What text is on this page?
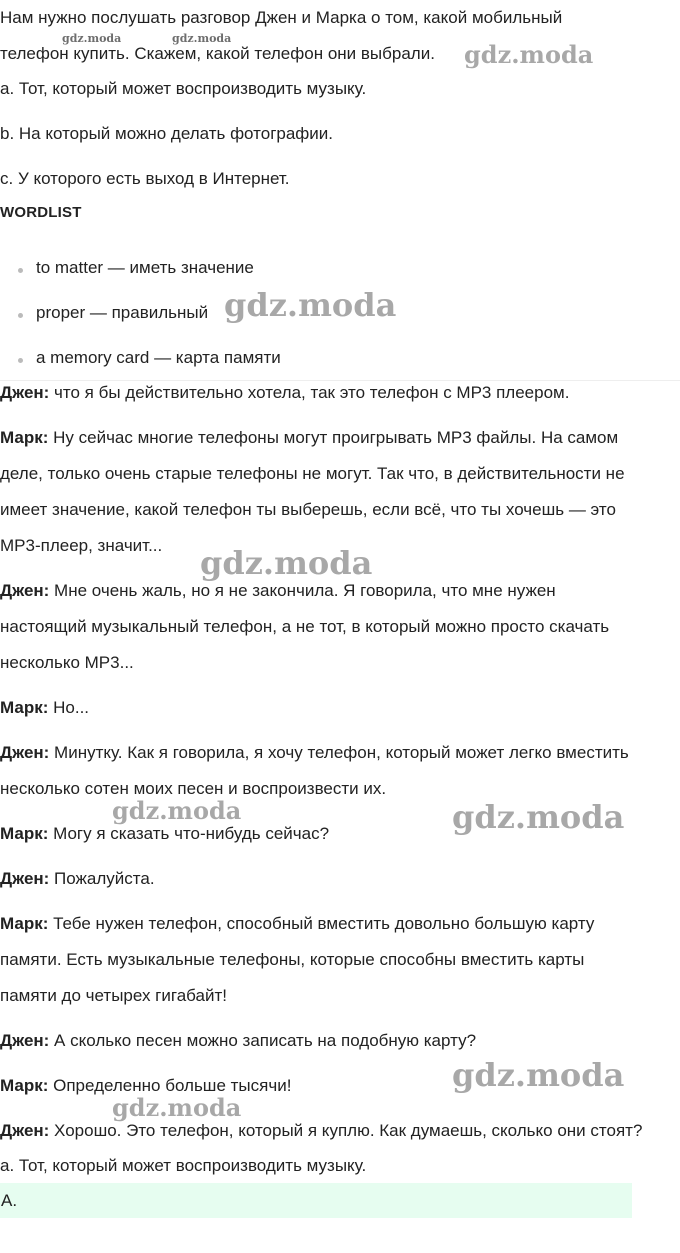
Нам нужно послушать разговор Джен и Марка о том, какой мобильный
телефон купить. Скажем, какой телефон они выбрали.
a. Тот, который может воспроизводить музыку.
b. На который можно делать фотографии.
c. У которого есть выход в Интернет.
WORDLIST
to matter — иметь значение
proper — правильный
a memory card — карта памяти
Джен: что я бы действительно хотела, так это телефон с MP3 плеером.
Марк: Ну сейчас многие телефоны могут проигрывать MP3 файлы. На самом
деле, только очень старые телефоны не могут. Так что, в действительности не
имеет значение, какой телефон ты выберешь, если всё, что ты хочешь — это
MP3-плеер, значит...
Джен: Мне очень жаль, но я не закончила. Я говорила, что мне нужен
настоящий музыкальный телефон, а не тот, в который можно просто скачать
несколько MP3...
Марк: Но...
Джен: Минутку. Как я говорила, я хочу телефон, который может легко вместить
несколько сотен моих песен и воспроизвести их.
Марк: Могу я сказать что-нибудь сейчас?
Джен: Пожалуйста.
Марк: Тебе нужен телефон, способный вместить довольно большую карту
памяти. Есть музыкальные телефоны, которые способны вместить карты
памяти до четырех гигабайт!
Джен: А сколько песен можно записать на подобную карту?
Марк: Определенно больше тысячи!
Джен: Хорошо. Это телефон, который я куплю. Как думаешь, сколько они стоят?
a. Тот, который может воспроизводить музыку.
A.
gdz.moda	gdz.moda
gdz.moda
gdz.moda
gdz.moda
gdz.moda	gdz.moda
gdz.moda
gdz.moda
